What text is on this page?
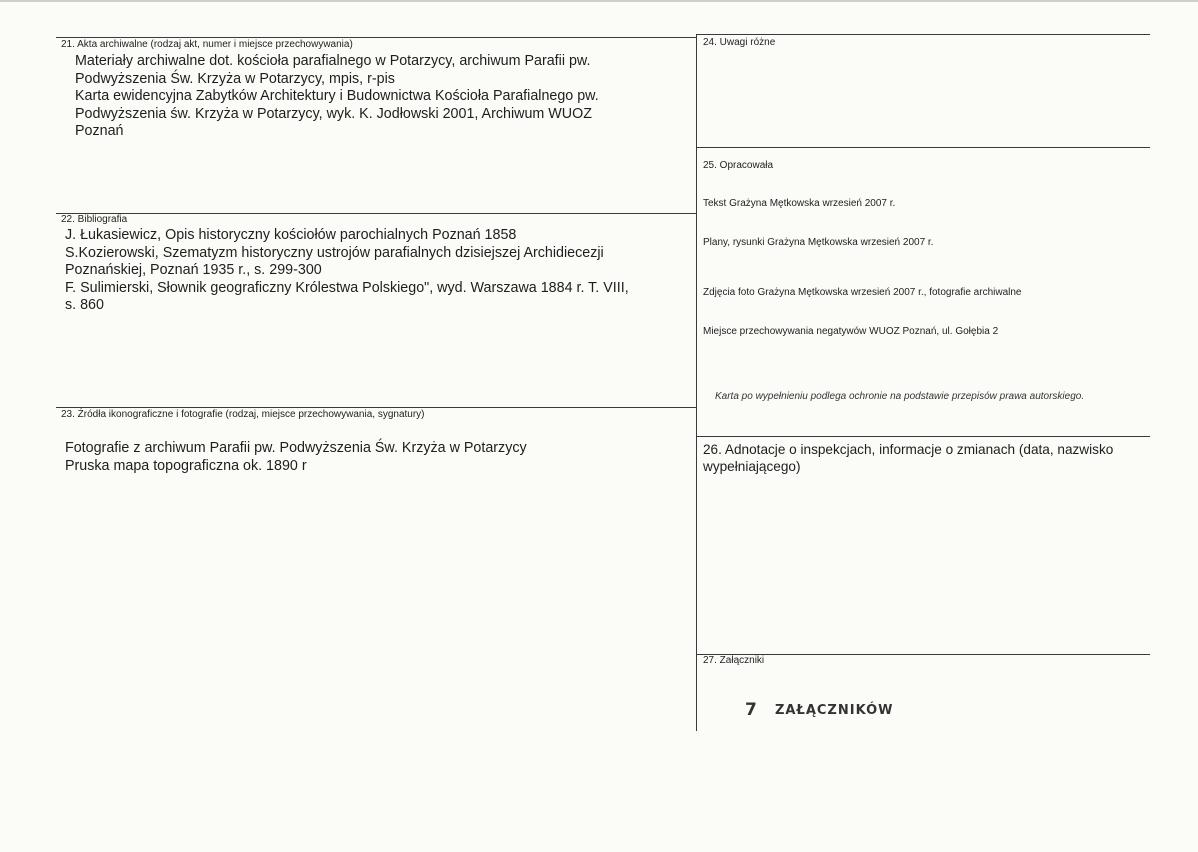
21. Akta archiwalne (rodzaj akt, numer i miejsce przechowywania)
Materiały archiwalne dot. kościoła parafialnego w Potarzycy, archiwum Parafii pw.
Podwyższenia Św. Krzyża w Potarzycy, mpis, r-pis
Karta ewidencyjna Zabytków Architektury i Budownictwa Kościoła Parafialnego pw.
Podwyższenia św. Krzyża w Potarzycy, wyk. K. Jodłowski 2001, Archiwum WUOZ
Poznań
22. Bibliografia
J. Łukasiewicz, Opis historyczny kościołów parochialnych Poznań 1858
S.Kozierowski, Szematyzm historyczny ustrojów parafialnych dzisiejszej Archidiecezji
Poznańskiej, Poznań 1935 r., s. 299-300
F. Sulimierski, Słownik geograficzny Królestwa Polskiego", wyd. Warszawa 1884 r. T. VIII,
s. 860
23. Źródła ikonograficzne i fotografie (rodzaj, miejsce przechowywania, sygnatury)
Fotografie z archiwum Parafii pw. Podwyższenia Św. Krzyża w Potarzycy
Pruska mapa topograficzna ok. 1890 r
24. Uwagi różne
25. Opracowała
Tekst Grażyna Mętkowska wrzesień 2007 r.
Plany, rysunki Grażyna Mętkowska wrzesień 2007 r.
Zdjęcia foto Grażyna Mętkowska wrzesień 2007 r., fotografie archiwalne
Miejsce przechowywania negatywów WUOZ Poznań, ul. Gołębia 2
Karta po wypełnieniu podlega ochronie na podstawie przepisów prawa autorskiego.
26. Adnotacje o inspekcjach, informacje o zmianach (data, nazwisko
wypełniającego)
27. Załączniki
7 ZAŁĄCZNIKÓW
